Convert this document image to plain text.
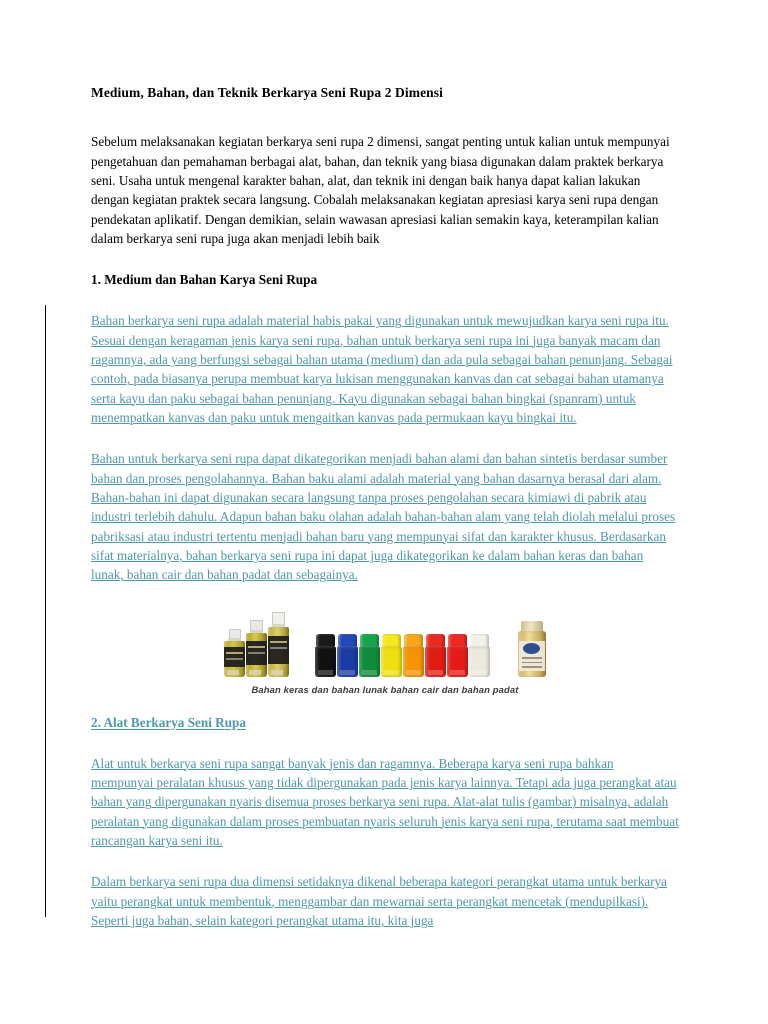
Medium, Bahan, dan Teknik Berkarya Seni Rupa 2 Dimensi

Sebelum melaksanakan kegiatan berkarya seni rupa 2 dimensi, sangat penting untuk kalian untuk mempunyai pengetahuan dan pemahaman berbagai alat, bahan, dan teknik yang biasa digunakan dalam praktek berkarya seni. Usaha untuk mengenal karakter bahan, alat, dan teknik ini dengan baik hanya dapat kalian lakukan dengan kegiatan praktek secara langsung. Cobalah melaksanakan kegiatan apresiasi karya seni rupa dengan pendekatan aplikatif. Dengan demikian, selain wawasan apresiasi kalian semakin kaya, keterampilan kalian dalam berkarya seni rupa juga akan menjadi lebih baik

1. Medium dan Bahan Karya Seni Rupa

Bahan berkarya seni rupa adalah material habis pakai yang digunakan untuk mewujudkan karya seni rupa itu. Sesuai dengan keragaman jenis karya seni rupa, bahan untuk berkarya seni rupa ini juga banyak macam dan ragamnya, ada yang berfungsi sebagai bahan utama (medium) dan ada pula sebagai bahan penunjang. Sebagai contoh, pada biasanya perupa membuat karya lukisan menggunakan kanvas dan cat sebagai bahan utamanya serta kayu dan paku sebagai bahan penunjang. Kayu digunakan sebagai bahan bingkai (spanram) untuk menempatkan kanvas dan paku untuk mengaitkan kanvas pada permukaan kayu bingkai itu.

Bahan untuk berkarya seni rupa dapat dikategorikan menjadi bahan alami dan bahan sintetis berdasar sumber bahan dan proses pengolahannya. Bahan baku alami adalah material yang bahan dasarnya berasal dari alam. Bahan-bahan ini dapat digunakan secara langsung tanpa proses pengolahan secara kimiawi di pabrik atau industri terlebih dahulu. Adapun bahan baku olahan adalah bahan-bahan alam yang telah diolah melalui proses pabriksasi atau industri tertentu menjadi bahan baru yang mempunyai sifat dan karakter khusus. Berdasarkan sifat materialnya, bahan berkarya seni rupa ini dapat juga dikategorikan ke dalam bahan keras dan bahan lunak, bahan cair dan bahan padat dan sebagainya.

Bahan keras dan bahan lunak bahan cair dan bahan padat
2. Alat Berkarya Seni Rupa

Alat untuk berkarya seni rupa sangat banyak jenis dan ragamnya. Beberapa karya seni rupa bahkan mempunyai peralatan khusus yang tidak dipergunakan pada jenis karya lainnya. Tetapi ada juga perangkat atau bahan yang dipergunakan nyaris disemua proses berkarya seni rupa. Alat-alat tulis (gambar) misalnya, adalah peralatan yang digunakan dalam proses pembuatan nyaris seluruh jenis karya seni rupa, terutama saat membuat rancangan karya seni itu.

Dalam berkarya seni rupa dua dimensi setidaknya dikenal beberapa kategori perangkat utama untuk berkarya yaitu perangkat untuk membentuk, menggambar dan mewarnai serta perangkat mencetak (mendupilkasi). Seperti juga bahan, selain kategori perangkat utama itu, kita juga
